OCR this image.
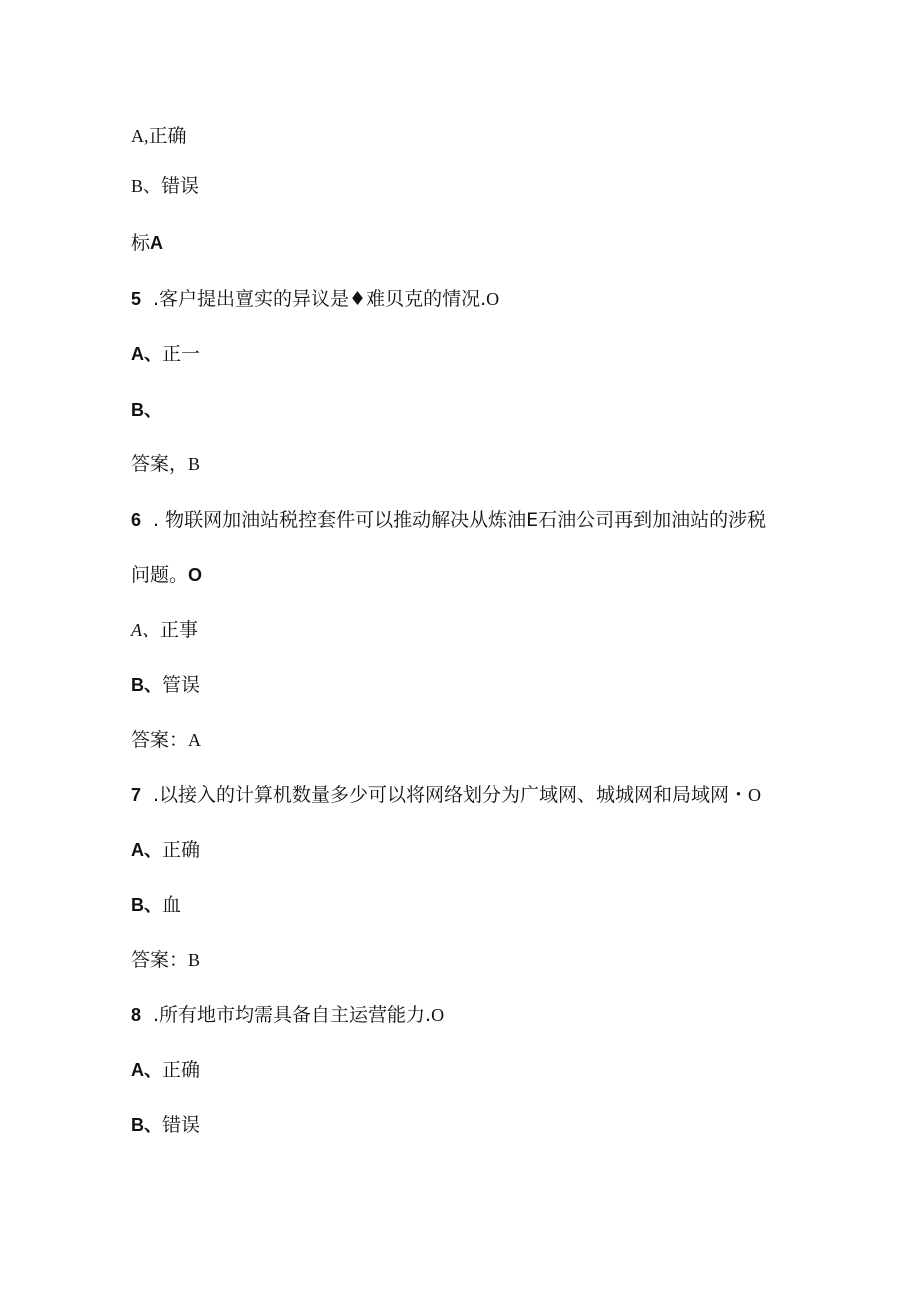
A,正确
B、错误
标A
5 .客户提出亶实的异议是♦难贝克的情况.O
A、正一
B、
答案，B
6 . 物联网加油站税控套件可以推动解决从炼油E石油公司再到加油站的涉税
问题。O
A、正事
B、管误
答案：A
7 .以接入的计算机数量多少可以将网络划分为广域网、城城网和局域网・O
A、正确
B、血
答案：B
8 .所有地市均需具备自主运营能力.O
A、正确
B、错误
